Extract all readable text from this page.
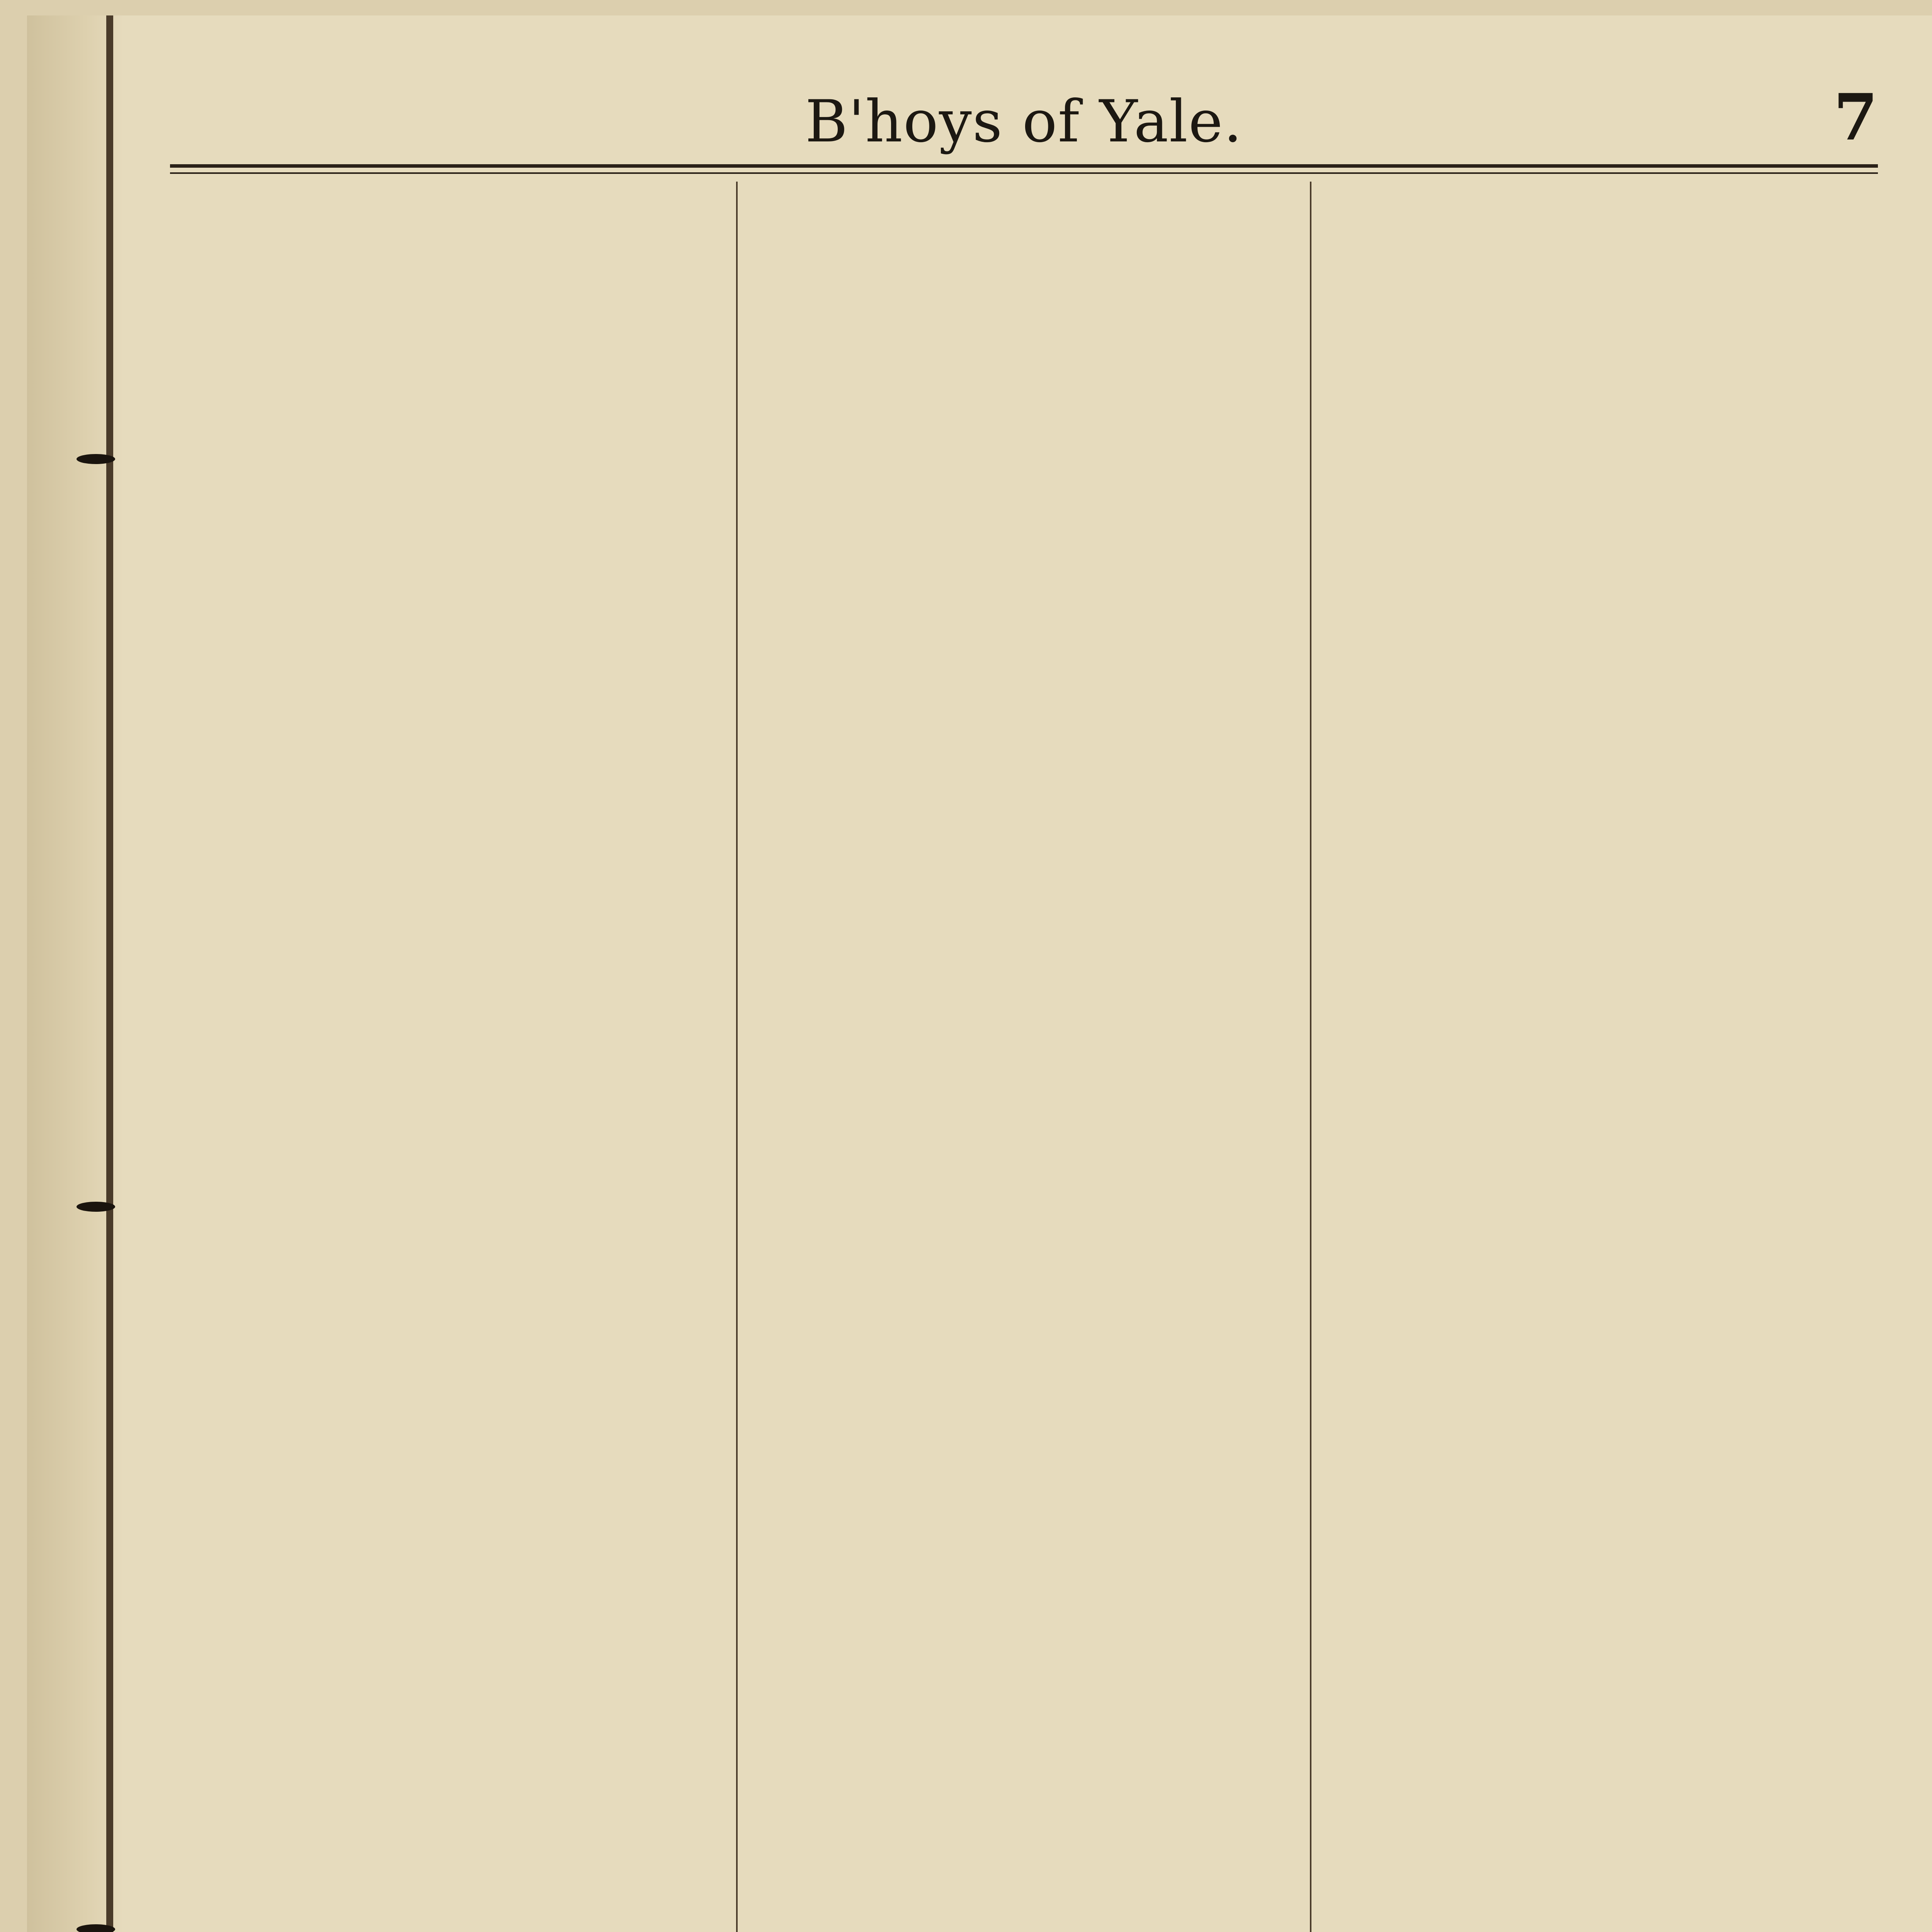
B'hoys of Yale.	7
